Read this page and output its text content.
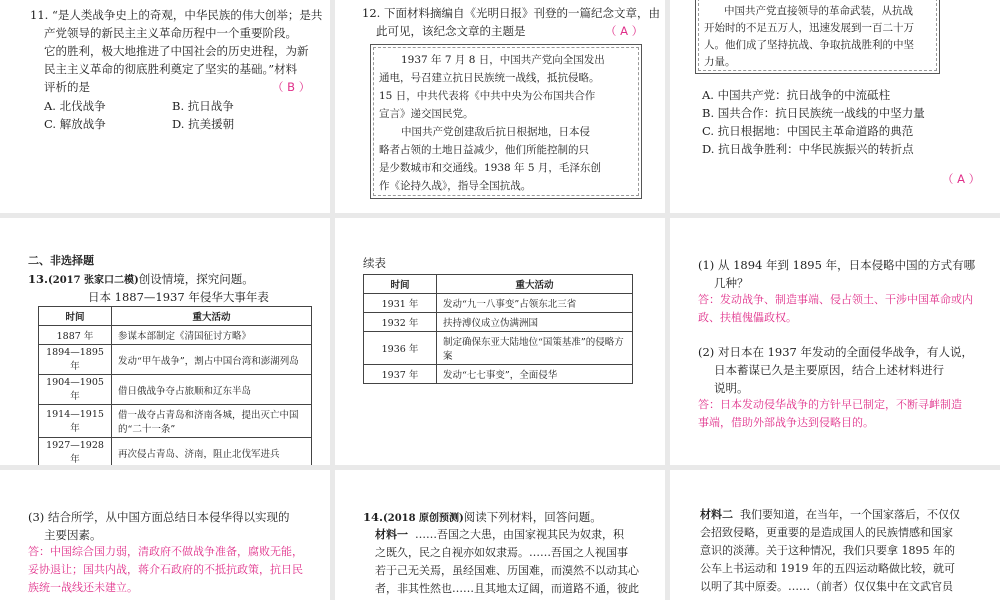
11. “是人类战争史上的奇观，中华民族的伟大创举；是共
产党领导的新民主主义革命历程中一个重要阶段。
它的胜利，极大地推进了中国社会的历史进程，为新
民主主义革命的彻底胜利奠定了坚实的基础。”材料
评析的是	（ B ）
A. 北伐战争	B. 抗日战争
C. 解放战争	D. 抗美援朝
12. 下面材料摘编自《光明日报》刊登的一篇纪念文章，由
此可见，该纪念文章的主题是	（ A ）
1937 年 7 月 8 日，中国共产党向全国发出
通电，号召建立抗日民族统一战线，抵抗侵略。
15 日，中共代表将《中共中央为公布国共合作
宣言》递交国民党。
中国共产党创建敌后抗日根据地，日本侵
略者占领的土地日益减少，他们所能控制的只
是少数城市和交通线。1938 年 5 月，毛泽东创
作《论持久战》，指导全国抗战。
中国共产党直接领导的革命武装，从抗战
开始时的不足五万人，迅速发展到一百二十万
人。他们成了坚持抗战、争取抗战胜利的中坚
力量。
A. 中国共产党：抗日战争的中流砥柱
B. 国共合作：抗日民族统一战线的中坚力量
C. 抗日根据地：中国民主革命道路的典范
D. 抗日战争胜利：中华民族振兴的转折点
（ A ）
二、非选择题
13.(2017 张家口二模)创设情境，探究问题。
日本 1887—1937 年侵华大事年表
时间	重大活动
1887 年	参谋本部制定《清国征讨方略》
1894—1895 年	发动“甲午战争”，割占中国台湾和澎湖列岛
1904—1905 年	借日俄战争夺占旅顺和辽东半岛
1914—1915 年	借一战夺占青岛和济南各城，提出灭亡中国的“二十一条”
1927—1928 年	再次侵占青岛、济南，阻止北伐军进兵
续表
时间	重大活动
1931 年	发动“九一八事变”占领东北三省
1932 年	扶持溥仪成立伪满洲国
1936 年	制定确保东亚大陆地位“国策基准”的侵略方案
1937 年	发动“七七事变”，全面侵华
(1) 从 1894 年到 1895 年，日本侵略中国的方式有哪
几种？
答：发动战争、制造事端、侵占领土、干涉中国革命或内
政、扶植傀儡政权。
(2) 对日本在 1937 年发动的全面侵华战争，有人说，
日本蓄谋已久是主要原因，结合上述材料进行
说明。
答：日本发动侵华战争的方针早已制定，不断寻衅制造
事端，借助外部战争达到侵略目的。
(3) 结合所学，从中国方面总结日本侵华得以实现的
主要因素。
答：中国综合国力弱，清政府不做战争准备，腐败无能，
妥协退让；国共内战，蒋介石政府的不抵抗政策，抗日民
族统一战线还未建立。
14.(2018 原创预测)阅读下列材料，回答问题。
材料一 ……吾国之大患，由国家视其民为奴隶，积
之既久，民之自视亦如奴隶焉。……吾国之人视国事
若于己无关焉，虽经国难、历国难，而漠然不以动其心
者，非其性然也……且其地太辽阔，而道路不通，彼此
材料二 我们要知道，在当年，一个国家落后，不仅仅
会招致侵略，更重要的是造成国人的民族情感和国家
意识的淡薄。关于这种情况，我们只要拿 1895 年的
公车上书运动和 1919 年的五四运动略做比较，就可
以明了其中原委。……（前者）仅仅集中在文武官员
